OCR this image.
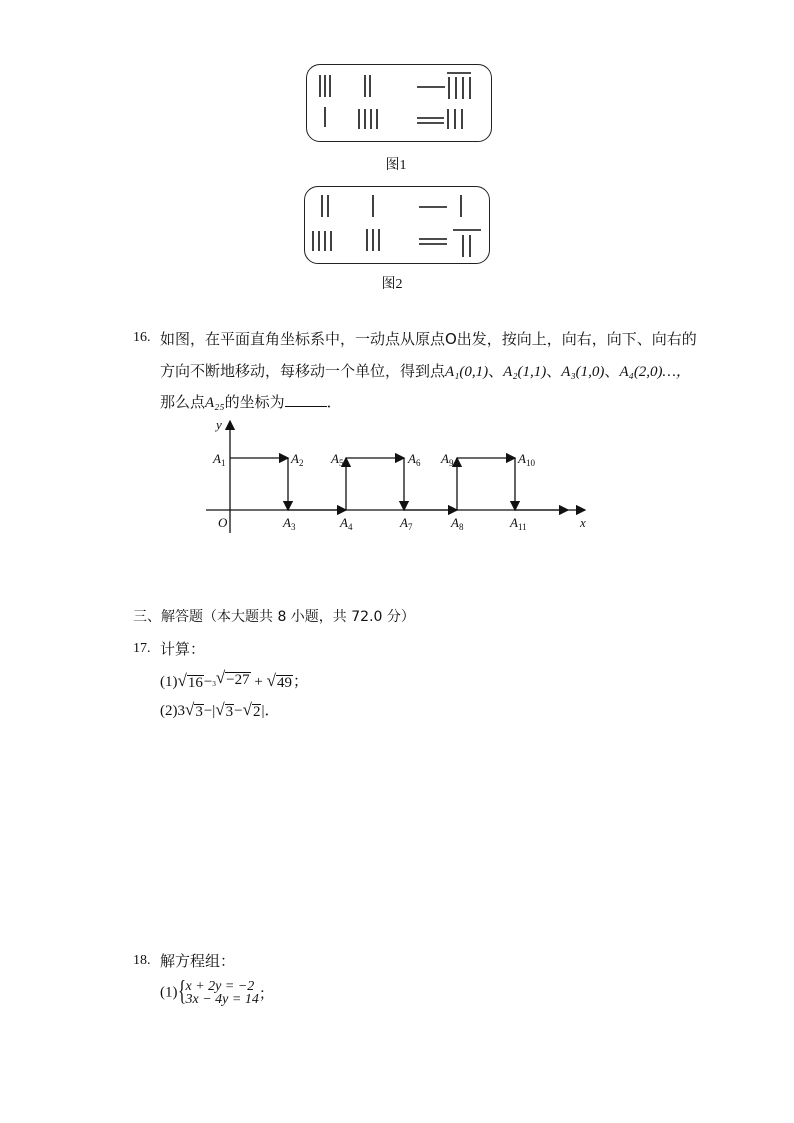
图1
图2
16. 如图，在平面直角坐标系中，一动点从原点O出发，按向上，向右，向下、向右的
方向不断地移动，每移动一个单位，得到点A₁(0,1)、A₂(1,1)、A₃(1,0)、A₄(2,0)…，
那么点A₂₅的坐标为	．
y
x
O
$A_1$	$A_2$
$A_3$	$A_4$
$A_5$	$A_6$
$A_7$	$A_8$
$A_9$	$A_{10}$
$A_{11}$
三、解答题（本大题共 8 小题，共 72.0 分）
17. 计算：
(1) √ 16 − 3 √ −27 + √ 49 ；
(2)3 √ 3 −| √ 3 − √ 2 |．
18. 解方程组：
(1) { x + 2y = −2
3x − 4y = 14 ；
